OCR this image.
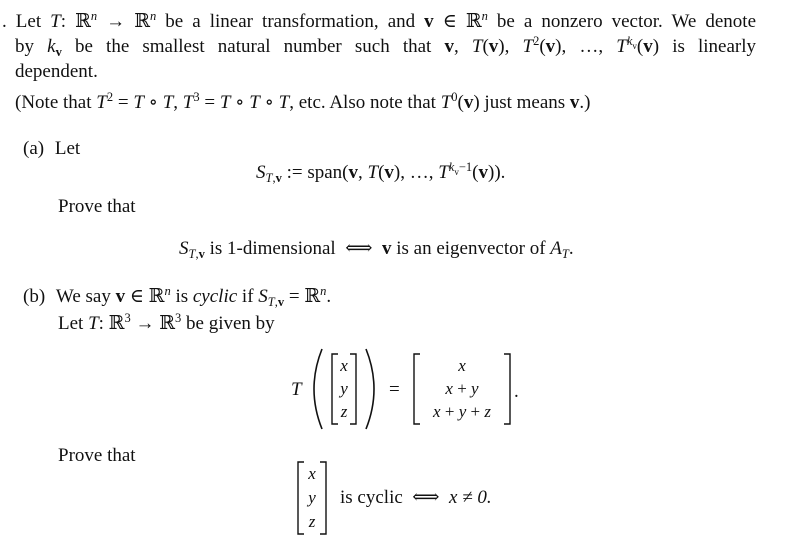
. Let T: ℝ$^n$ → ℝ$^n$ be a linear transformation, and v ∈ ℝ$^n$ be a nonzero vector. We denote
by $k_v$ be the smallest natural number such that v, T(v), $T^2(v)$, …, $T^{k_v}(v)$ is linearly
dependent.
(Note that $T^2 = T$ ∘ T, $T^3 = T$ ∘ T ∘ T, etc. Also note that $T^0(v)$ just means v.)
(a) Let
$S_{T,v}$ := span(v, T(v), …, $T^{k_v-1}(v)$).
Prove that
$S_{T,v}$ is 1-dimensional  ⟺  v is an eigenvector of $A_T$.
(b) We say v ∈ ℝ$^n$ is cyclic if $S_{T,v}$ = ℝ$^n$.
Let T: ℝ$^3$ → ℝ$^3$ be given by
T
x
y
z
=
x
x + y
x + y + z
.
Prove that
x
y
z
is cyclic  ⟺  x ≠ 0.
